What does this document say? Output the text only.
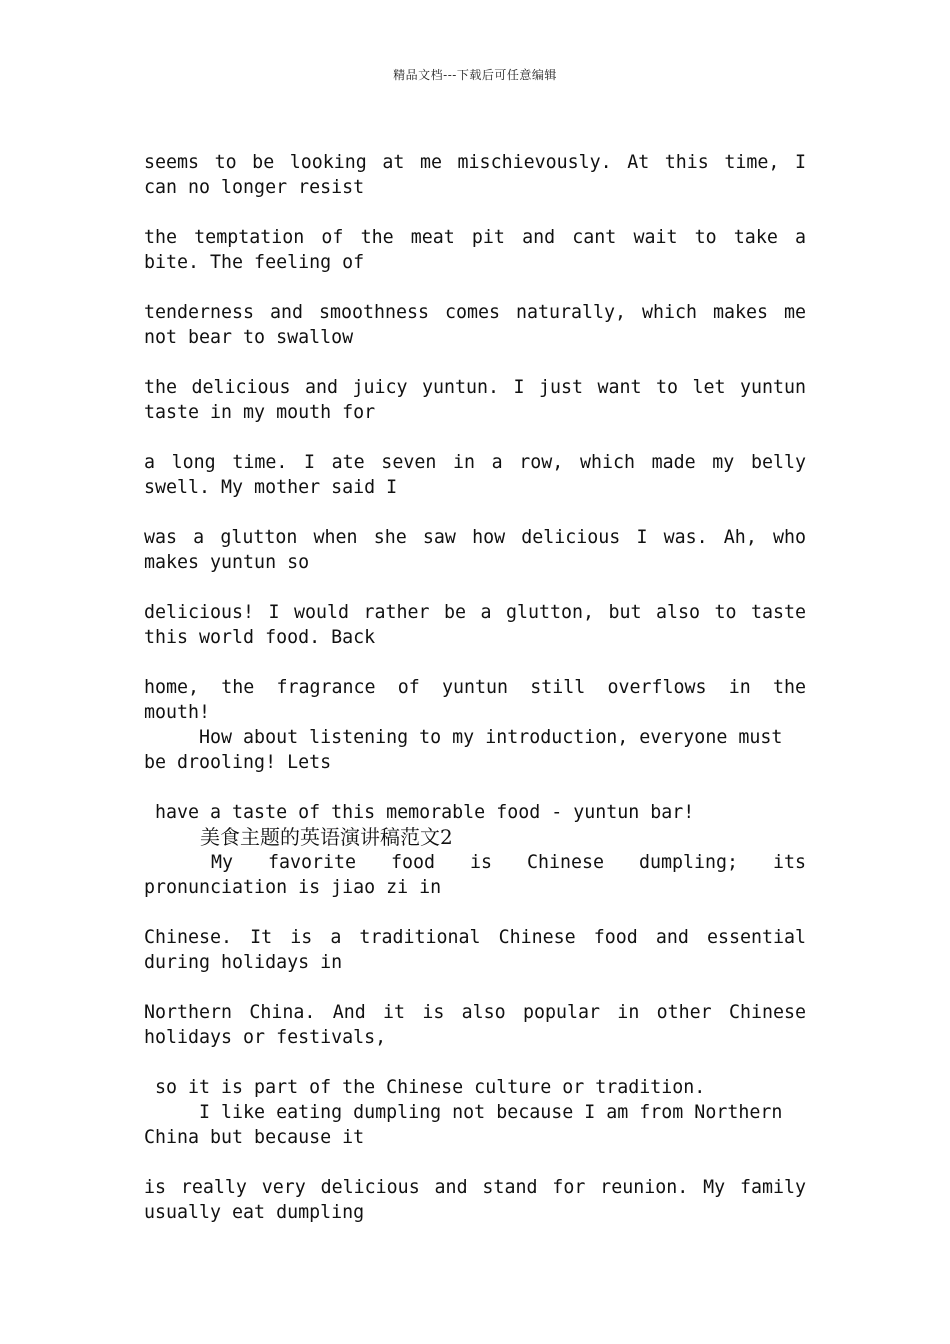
精品文档---下载后可任意编辑
seems to be looking at me mischievously. At this time, I
can no longer resist
the temptation of the meat pit and cant wait to take a
bite. The feeling of
tenderness and smoothness comes naturally, which makes me
not bear to swallow
the delicious and juicy yuntun. I just want to let yuntun
taste in my mouth for
a long time. I ate seven in a row, which made my belly
swell. My mother said I
was a glutton when she saw how delicious I was. Ah, who
makes yuntun so
delicious! I would rather be a glutton, but also to taste
this world food. Back
home, the fragrance of yuntun still overflows in the
mouth!
How about listening to my introduction, everyone must
be drooling! Lets
have a taste of this memorable food - yuntun bar!
美食主题的英语演讲稿范文2
My favorite food is Chinese dumpling; its
pronunciation is jiao zi in
Chinese. It is a traditional Chinese food and essential
during holidays in
Northern China. And it is also popular in other Chinese
holidays or festivals,
so it is part of the Chinese culture or tradition.
I like eating dumpling not because I am from Northern
China but because it
is really very delicious and stand for reunion. My family
usually eat dumpling
